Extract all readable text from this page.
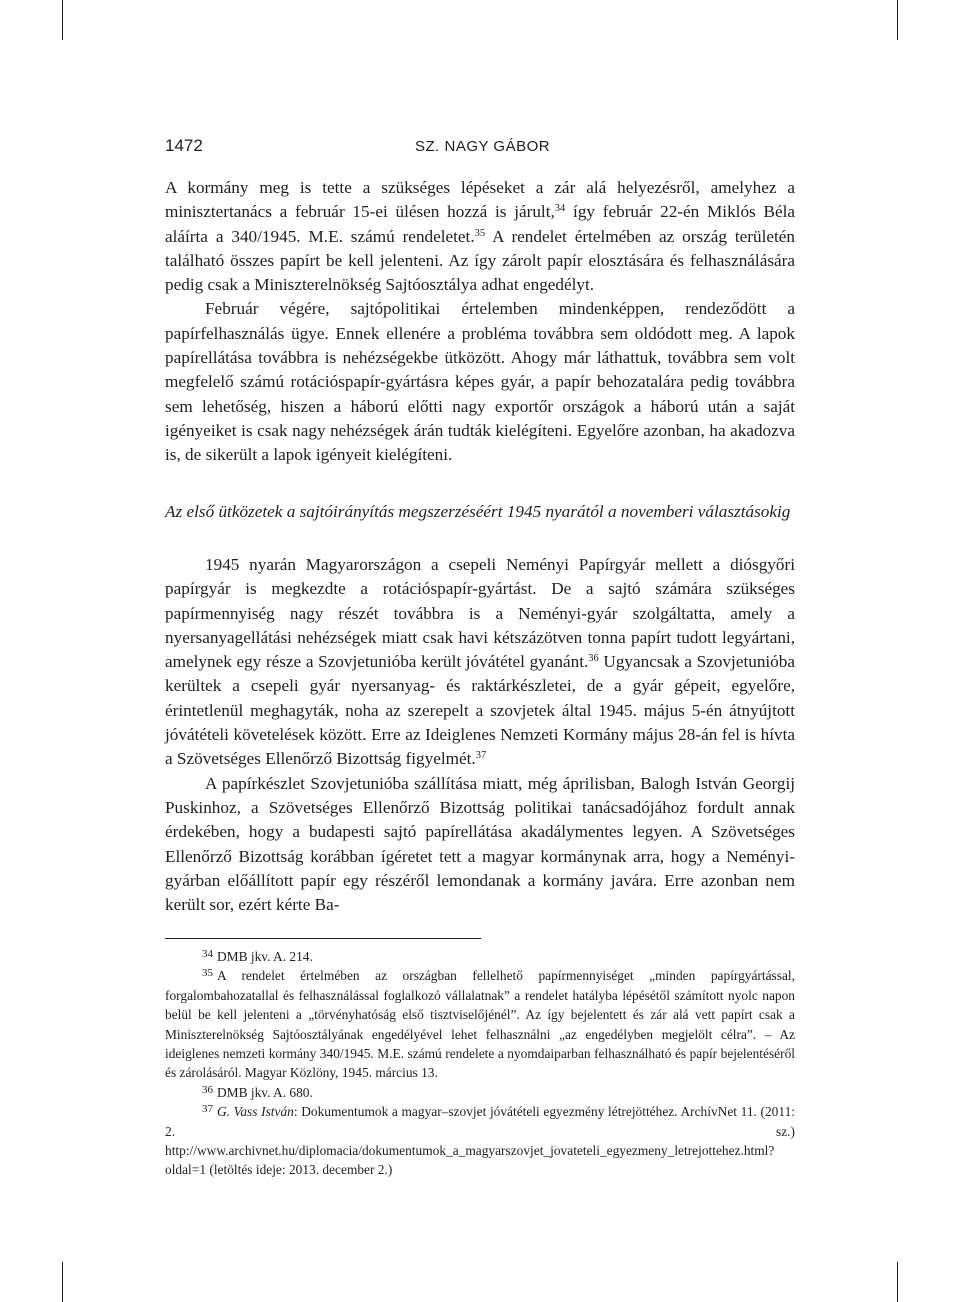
1472	SZ. NAGY GÁBOR

A kormány meg is tette a szükséges lépéseket a zár alá helyezésről, amelyhez a minisztertanács a február 15-ei ülésen hozzá is járult,$^{34}$ így február 22-én Miklós Béla aláírta a 340/1945. M.E. számú rendeletet.$^{35}$ A rendelet értelmében az ország területén található összes papírt be kell jelenteni. Az így zárolt papír elosztására és felhasználására pedig csak a Miniszterelnökség Sajtóosztálya adhat engedélyt.

Február végére, sajtópolitikai értelemben mindenképpen, rendeződött a papírfelhasználás ügye. Ennek ellenére a probléma továbbra sem oldódott meg. A lapok papírellátása továbbra is nehézségekbe ütközött. Ahogy már láthattuk, továbbra sem volt megfelelő számú rotációspapír-gyártásra képes gyár, a papír behozatalára pedig továbbra sem lehetőség, hiszen a háború előtti nagy exportőr országok a háború után a saját igényeiket is csak nagy nehézségek árán tudták kielégíteni. Egyelőre azonban, ha akadozva is, de sikerült a lapok igényeit kielégíteni.

Az első ütközetek a sajtóirányítás megszerzéséért 1945 nyarától a novemberi választásokig

1945 nyarán Magyarországon a csepeli Neményi Papírgyár mellett a diósgyőri papírgyár is megkezdte a rotációspapír-gyártást. De a sajtó számára szükséges papírmennyiség nagy részét továbbra is a Neményi-gyár szolgáltatta, amely a nyersanyagellátási nehézségek miatt csak havi kétszázötven tonna papírt tudott legyártani, amelynek egy része a Szovjetunióba került jóvátétel gyanánt.$^{36}$ Ugyancsak a Szovjetunióba kerültek a csepeli gyár nyersanyag- és raktárkészletei, de a gyár gépeit, egyelőre, érintetlenül meghagyták, noha az szerepelt a szovjetek által 1945. május 5-én átnyújtott jóvátételi követelések között. Erre az Ideiglenes Nemzeti Kormány május 28-án fel is hívta a Szövetséges Ellenőrző Bizottság figyelmét.$^{37}$

A papírkészlet Szovjetunióba szállítása miatt, még áprilisban, Balogh István Georgij Puskinhoz, a Szövetséges Ellenőrző Bizottság politikai tanácsadójához fordult annak érdekében, hogy a budapesti sajtó papírellátása akadálymentes legyen. A Szövetséges Ellenőrző Bizottság korábban ígéretet tett a magyar kormánynak arra, hogy a Neményi-gyárban előállított papír egy részéről lemondanak a kormány javára. Erre azonban nem került sor, ezért kérte Ba-

$^{34}$ DMB jkv. A. 214.

$^{35}$ A rendelet értelmében az országban fellelhető papírmennyiséget „minden papírgyártással, forgalombahozatallal és felhasználással foglalkozó vállalatnak” a rendelet hatályba lépésétől számított nyolc napon belül be kell jelenteni a „törvényhatóság első tisztviselőjénél”. Az így bejelentett és zár alá vett papírt csak a Miniszterelnökség Sajtóosztályának engedélyével lehet felhasználni „az engedélyben megjelölt célra”. – Az ideiglenes nemzeti kormány 340/1945. M.E. számú rendelete a nyomdaiparban felhasználható és papír bejelentéséről és zárolásáról. Magyar Közlöny, 1945. március 13.

$^{36}$ DMB jkv. A. 680.

$^{37}$ G. Vass István: Dokumentumok a magyar–szovjet jóvátételi egyezmény létrejöttéhez. ArchívNet 11. (2011: 2. sz.) http://www.archivnet.hu/diplomacia/dokumentumok_a_magyarszovjet_jovateteli_egyezmeny_letrejottehez.html?oldal=1 (letöltés ideje: 2013. december 2.)
